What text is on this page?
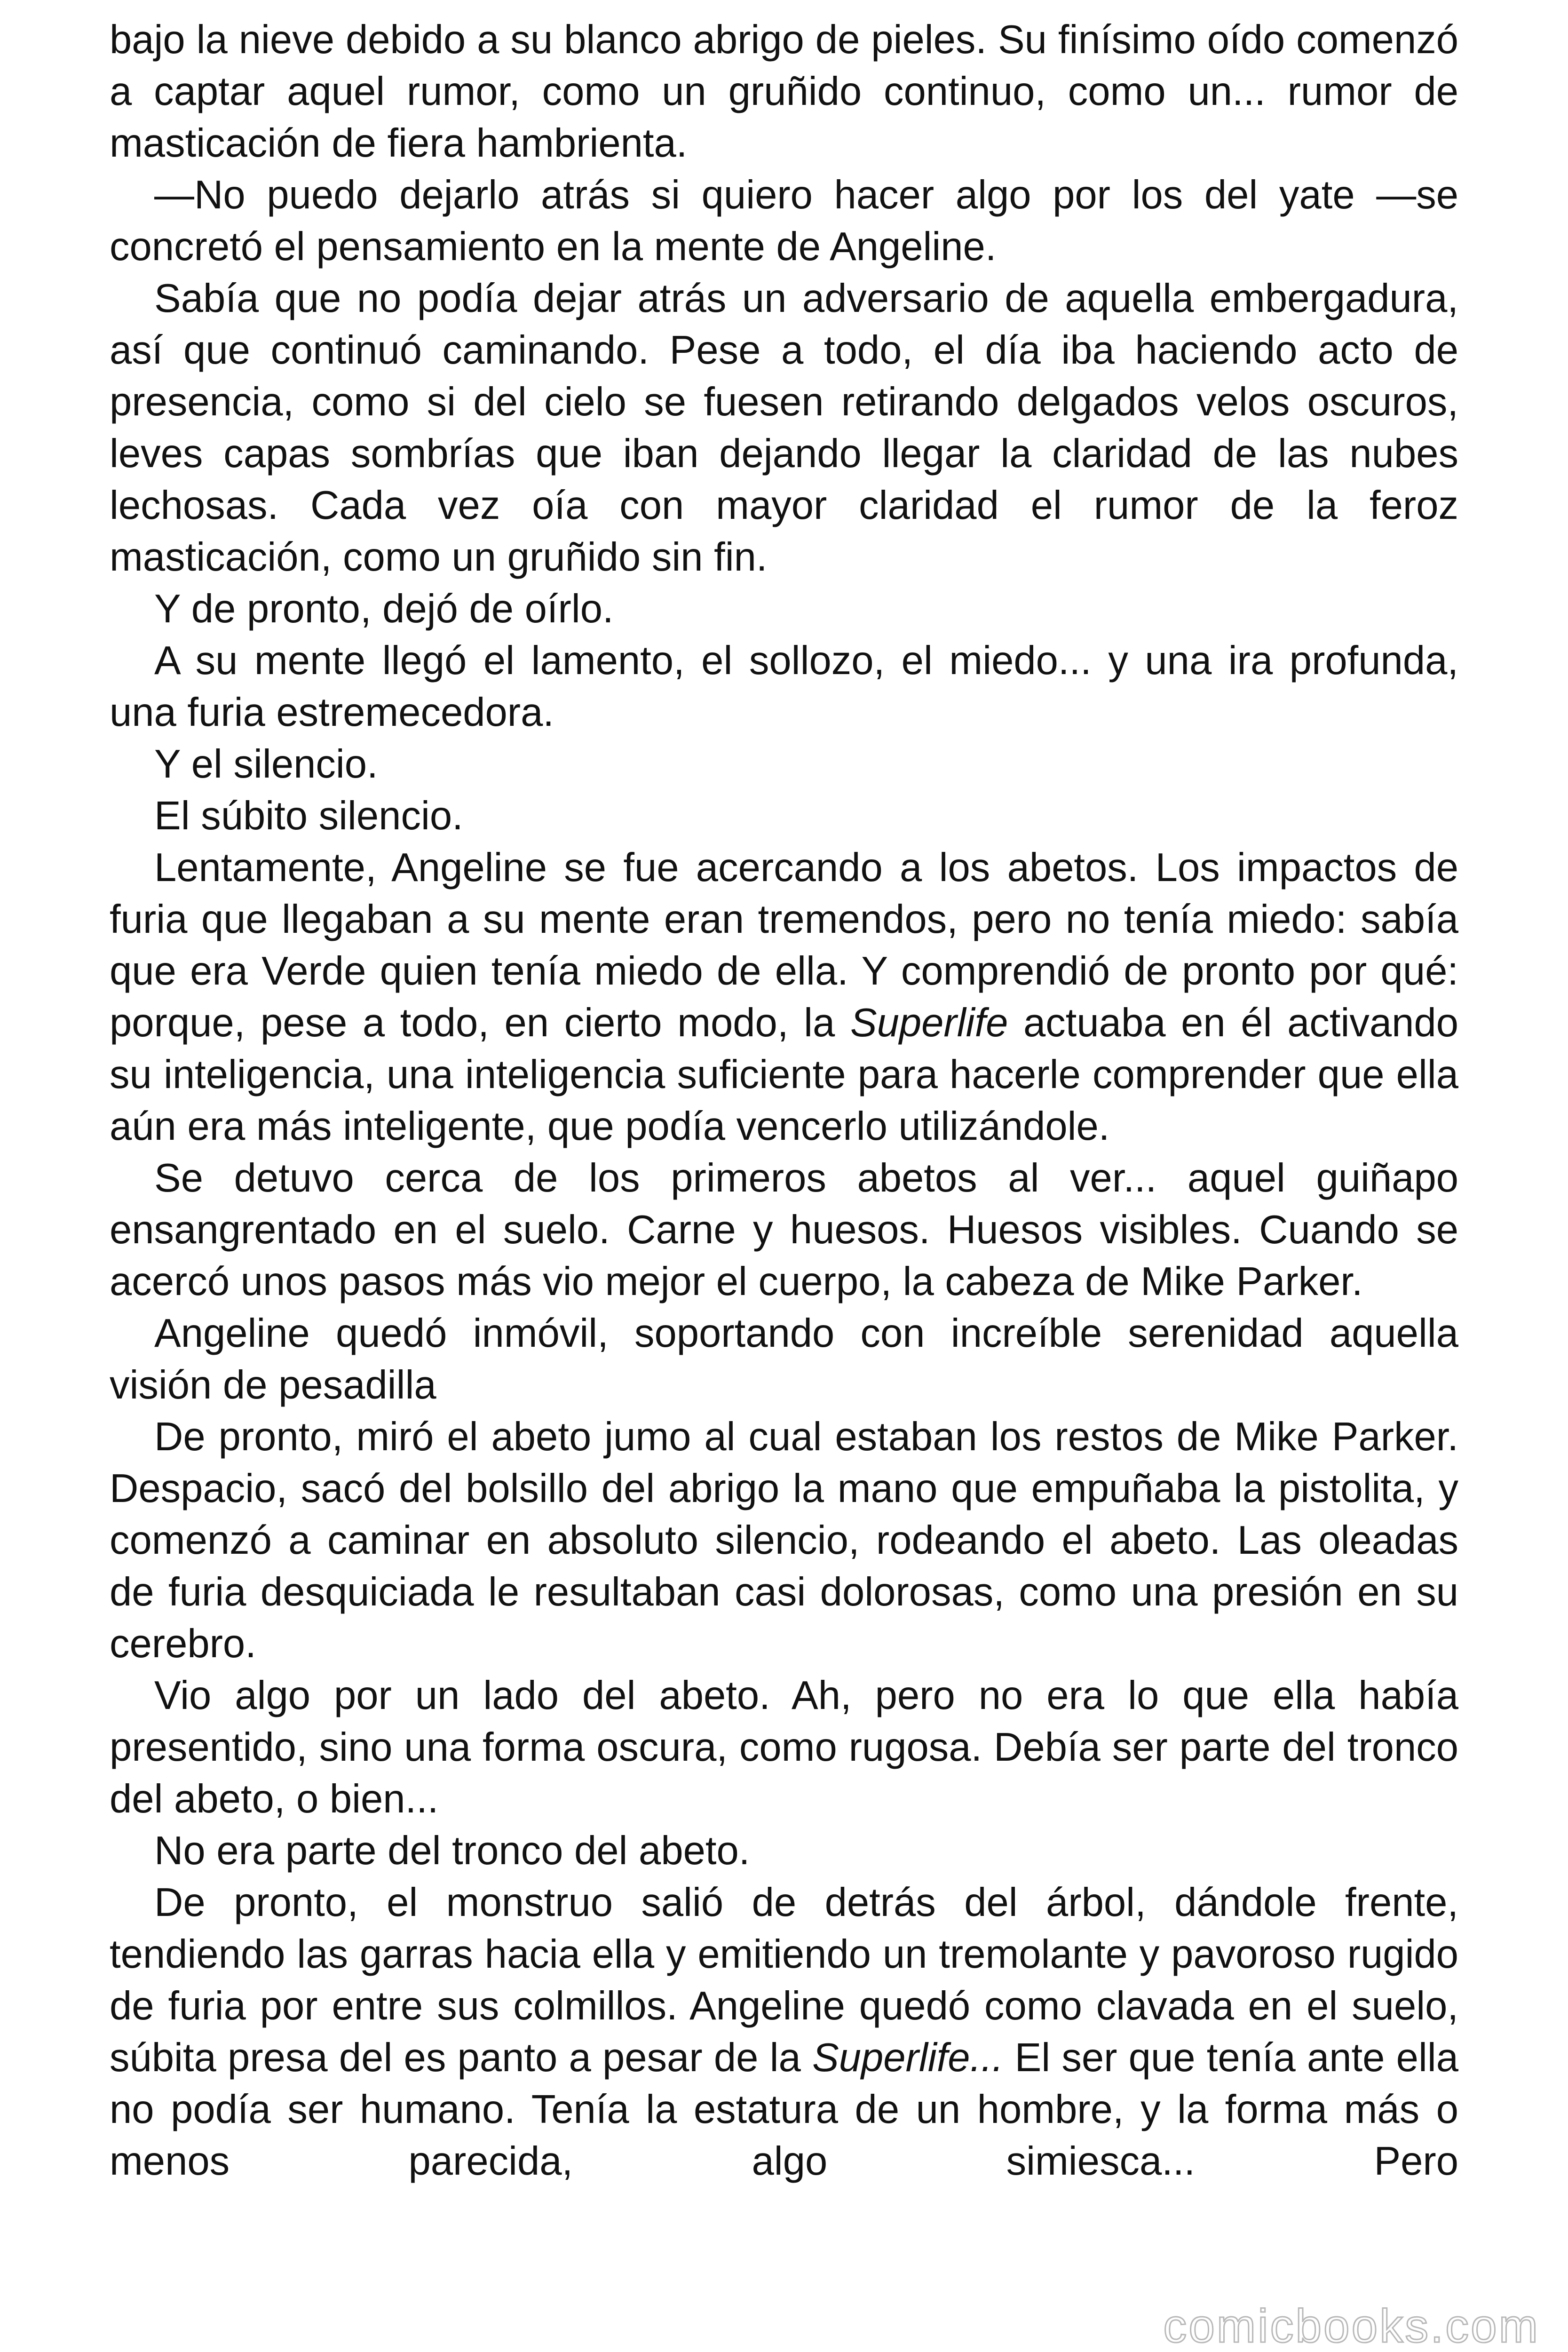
bajo la nieve debido a su blanco abrigo de pieles. Su finísimo oído comenzó a captar aquel rumor, como un gruñido continuo, como un... rumor de masticación de fiera hambrienta.

—No puedo dejarlo atrás si quiero hacer algo por los del yate —se concretó el pensamiento en la mente de Angeline.

Sabía que no podía dejar atrás un adversario de aquella embergadura, así que continuó caminando. Pese a todo, el día iba haciendo acto de presencia, como si del cielo se fuesen retirando delgados velos oscuros, leves capas sombrías que iban dejando llegar la claridad de las nubes lechosas. Cada vez oía con mayor claridad el rumor de la feroz masticación, como un gruñido sin fin.

Y de pronto, dejó de oírlo.

A su mente llegó el lamento, el sollozo, el miedo... y una ira profunda, una furia estremecedora.

Y el silencio.

El súbito silencio.

Lentamente, Angeline se fue acercando a los abetos. Los impactos de furia que llegaban a su mente eran tremendos, pero no tenía miedo: sabía que era Verde quien tenía miedo de ella. Y comprendió de pronto por qué: porque, pese a todo, en cierto modo, la Superlife actuaba en él activando su inteligencia, una inteligencia suficiente para hacerle comprender que ella aún era más inteligente, que podía vencerlo utilizándole.

Se detuvo cerca de los primeros abetos al ver... aquel guiñapo ensangrentado en el suelo. Carne y huesos. Huesos visibles. Cuando se acercó unos pasos más vio mejor el cuerpo, la cabeza de Mike Parker.

Angeline quedó inmóvil, soportando con increíble serenidad aquella visión de pesadilla

De pronto, miró el abeto jumo al cual estaban los restos de Mike Parker. Despacio, sacó del bolsillo del abrigo la mano que empuñaba la pistolita, y comenzó a caminar en absoluto silencio, rodeando el abeto. Las oleadas de furia desquiciada le resultaban casi dolorosas, como una presión en su cerebro.

Vio algo por un lado del abeto. Ah, pero no era lo que ella había presentido, sino una forma oscura, como rugosa. Debía ser parte del tronco del abeto, o bien...

No era parte del tronco del abeto.

De pronto, el monstruo salió de detrás del árbol, dándole frente, tendiendo las garras hacia ella y emitiendo un tremolante y pavoroso rugido de furia por entre sus colmillos. Angeline quedó como clavada en el suelo, súbita presa del es panto a pesar de la Superlife... El ser que tenía ante ella no podía ser humano. Tenía la estatura de un hombre, y la forma más o menos parecida, algo simiesca... Pero

comicbooks.com
